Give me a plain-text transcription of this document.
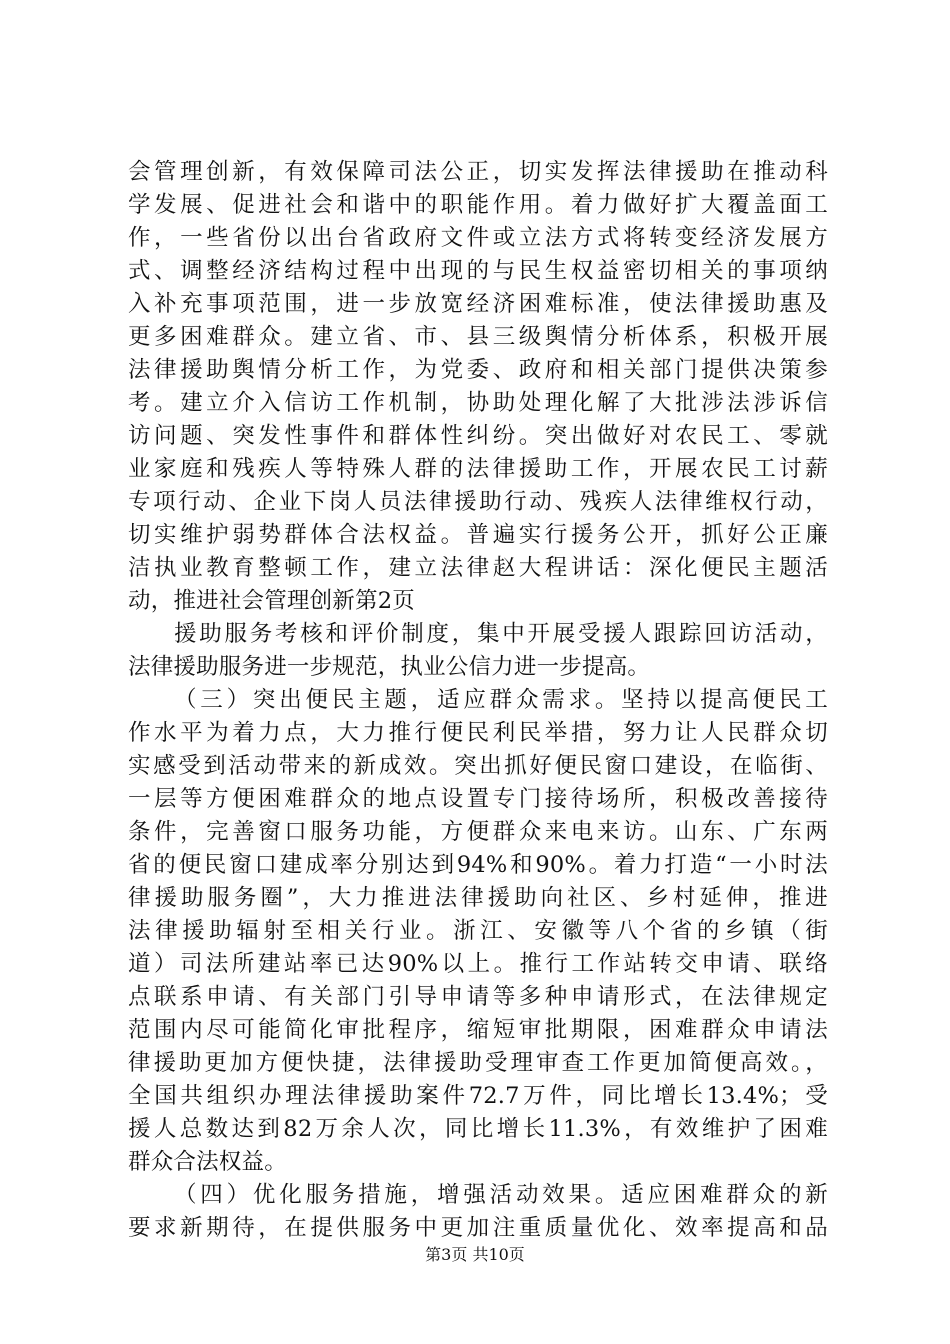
会管理创新，有效保障司法公正，切实发挥法律援助在推动科
学发展、促进社会和谐中的职能作用。着力做好扩大覆盖面工
作，一些省份以出台省政府文件或立法方式将转变经济发展方
式、调整经济结构过程中出现的与民生权益密切相关的事项纳
入补充事项范围，进一步放宽经济困难标准，使法律援助惠及
更多困难群众。建立省、市、县三级舆情分析体系，积极开展
法律援助舆情分析工作，为党委、政府和相关部门提供决策参
考。建立介入信访工作机制，协助处理化解了大批涉法涉诉信
访问题、突发性事件和群体性纠纷。突出做好对农民工、零就
业家庭和残疾人等特殊人群的法律援助工作，开展农民工讨薪
专项行动、企业下岗人员法律援助行动、残疾人法律维权行动，
切实维护弱势群体合法权益。普遍实行援务公开，抓好公正廉
洁执业教育整顿工作，建立法律赵大程讲话：深化便民主题活
动，推进社会管理创新第2页
援助服务考核和评价制度，集中开展受援人跟踪回访活动，
法律援助服务进一步规范，执业公信力进一步提高。
（三）突出便民主题，适应群众需求。坚持以提高便民工
作水平为着力点，大力推行便民利民举措，努力让人民群众切
实感受到活动带来的新成效。突出抓好便民窗口建设，在临街、
一层等方便困难群众的地点设置专门接待场所，积极改善接待
条件，完善窗口服务功能，方便群众来电来访。山东、广东两
省的便民窗口建成率分别达到94%和90%。着力打造“一小时法
律援助服务圈”，大力推进法律援助向社区、乡村延伸，推进
法律援助辐射至相关行业。浙江、安徽等八个省的乡镇（街
道）司法所建站率已达90%以上。推行工作站转交申请、联络
点联系申请、有关部门引导申请等多种申请形式，在法律规定
范围内尽可能简化审批程序，缩短审批期限，困难群众申请法
律援助更加方便快捷，法律援助受理审查工作更加简便高效。，
全国共组织办理法律援助案件72.7万件，同比增长13.4%；受
援人总数达到82万余人次，同比增长11.3%，有效维护了困难
群众合法权益。
（四）优化服务措施，增强活动效果。适应困难群众的新
要求新期待，在提供服务中更加注重质量优化、效率提高和品
第3页 共10页
